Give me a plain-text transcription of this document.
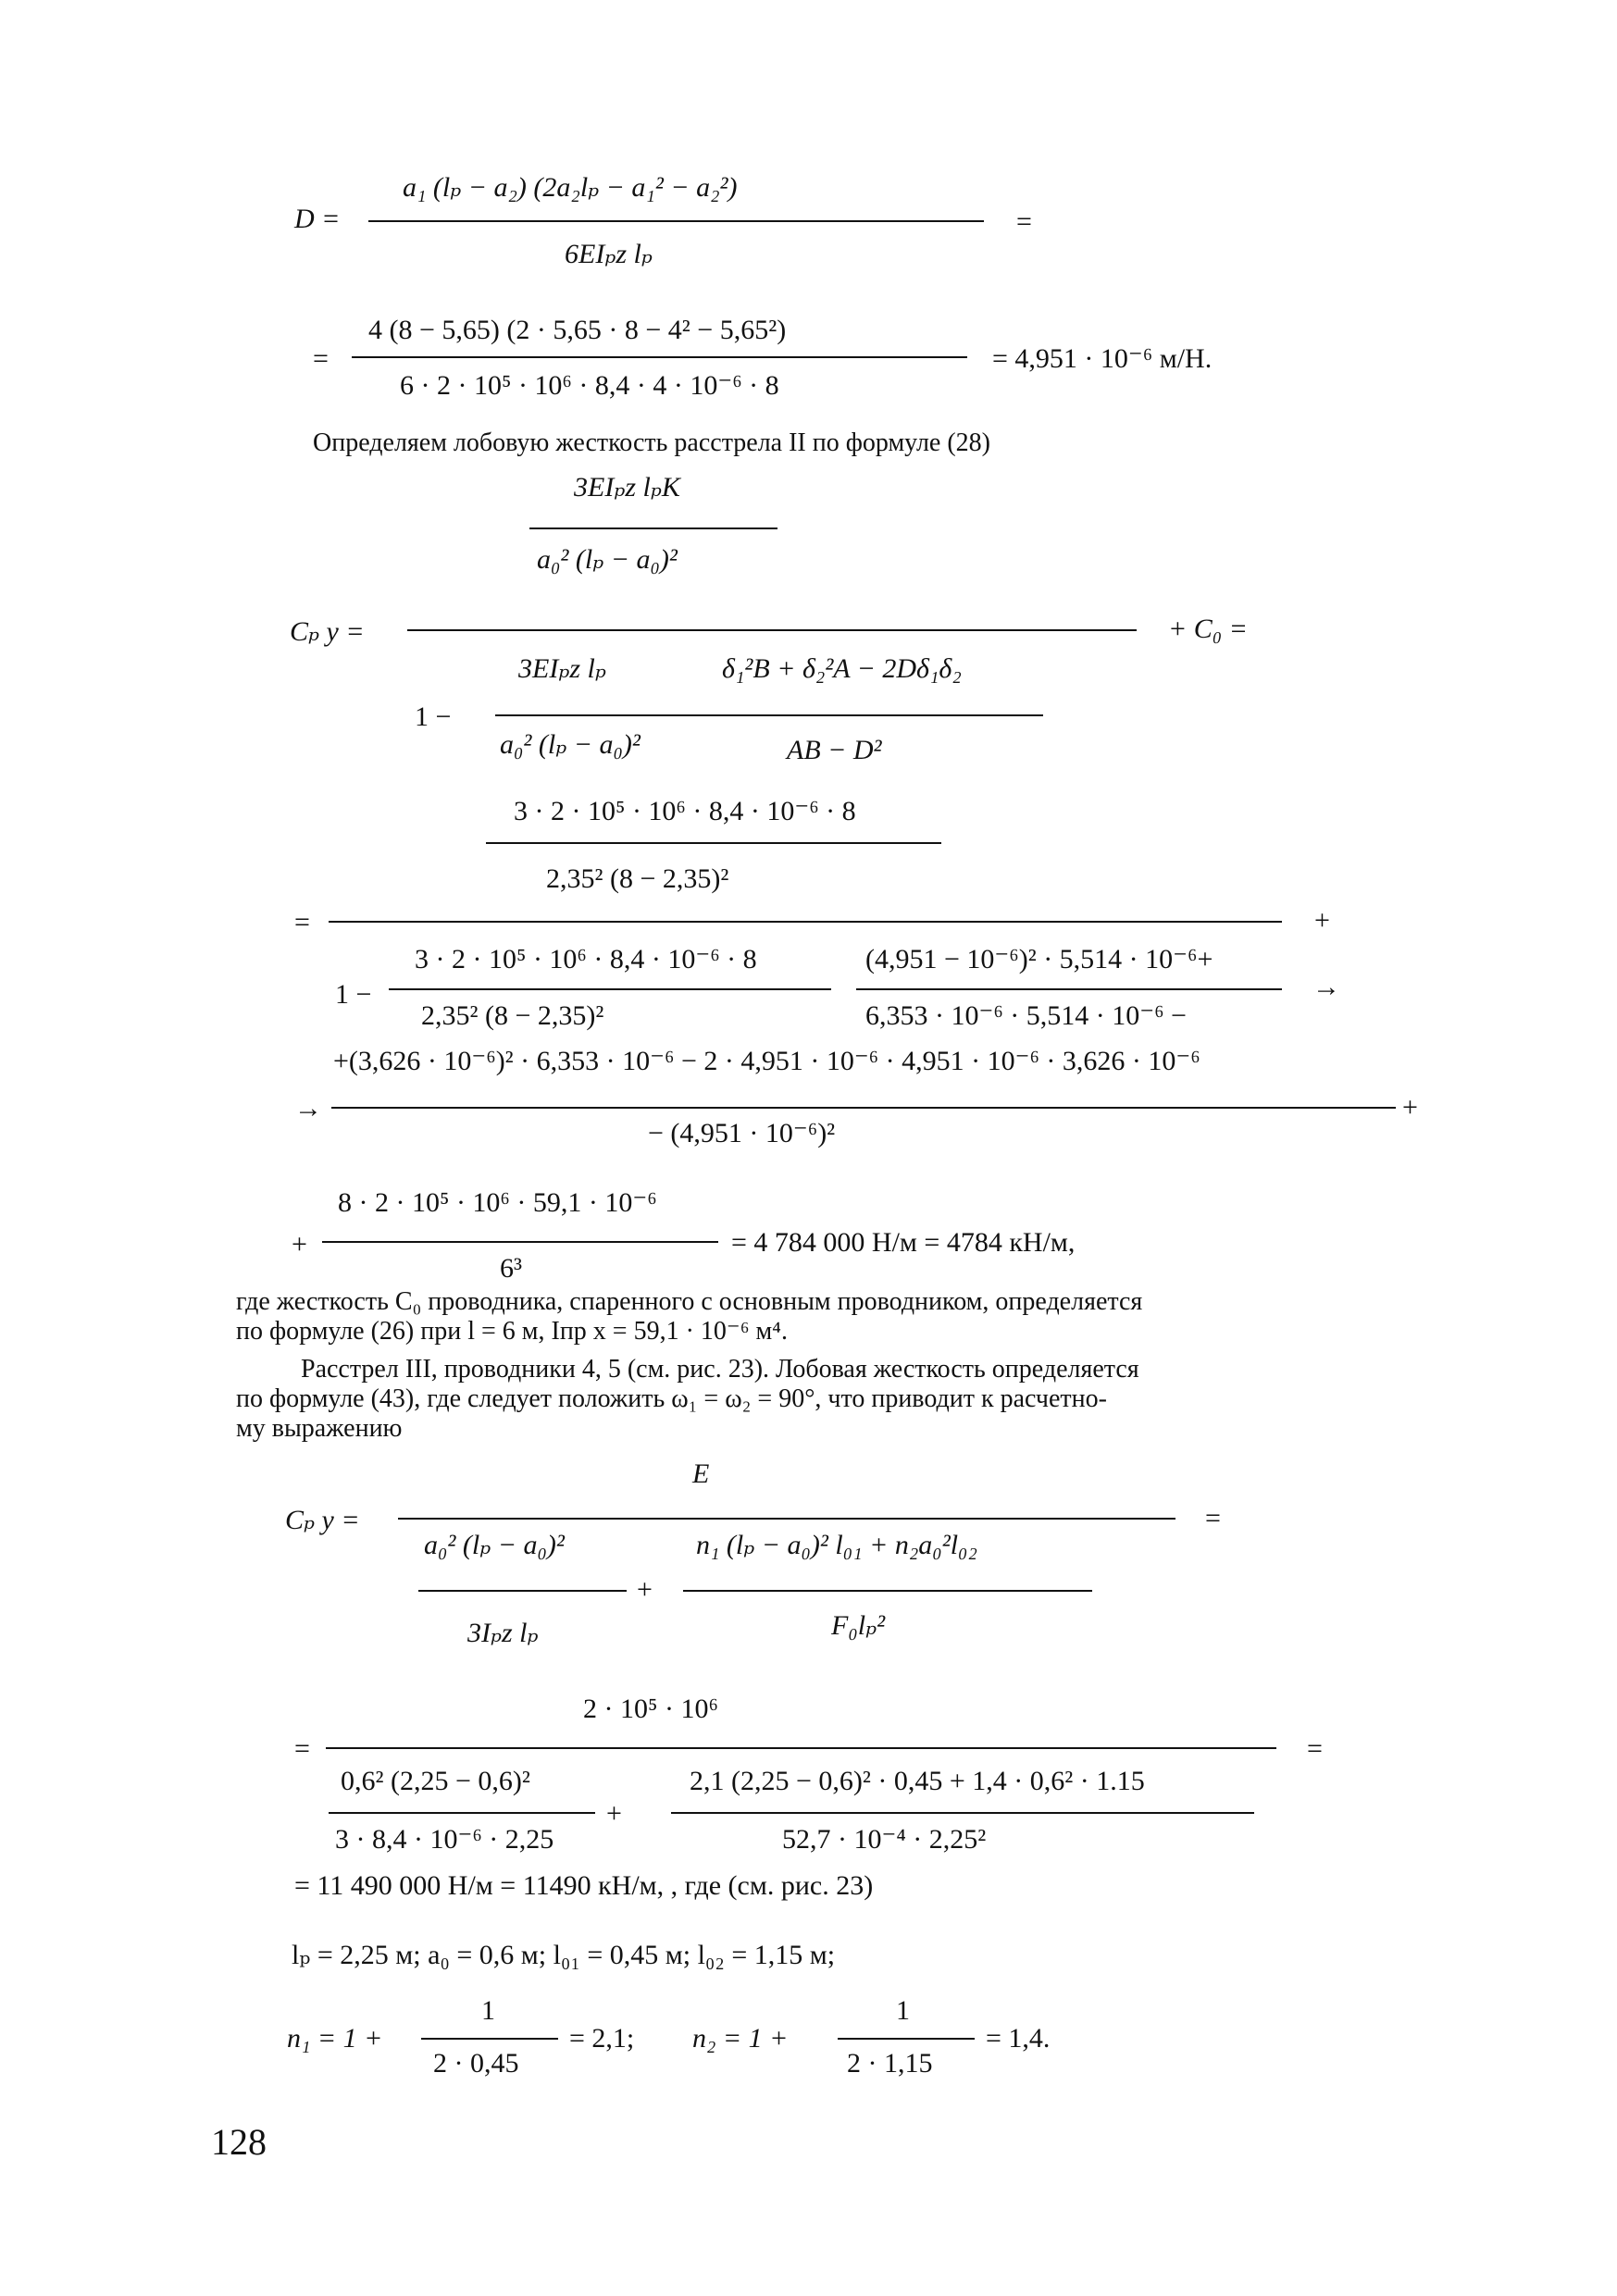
D =
a₁ (lₚ − a₂) (2a₂lₚ − a₁² − a₂²)
6EIₚz lₚ
=
=
4 (8 − 5,65) (2 · 5,65 · 8 − 4² − 5,65²)
6 · 2 · 10⁵ · 10⁶ · 8,4 · 4 · 10⁻⁶ · 8
= 4,951 · 10⁻⁶ м/Н.
Определяем лобовую жесткость расстрела II по формуле (28)
3EIₚz lₚK
a₀² (lₚ − a₀)²
Cₚ y =	+ C₀ =
1 −
3EIₚz lₚ
a₀² (lₚ − a₀)²
δ₁²B + δ₂²A − 2Dδ₁δ₂
AB − D²
3 · 2 · 10⁵ · 10⁶ · 8,4 · 10⁻⁶ · 8
2,35² (8 − 2,35)²
=	+
1 −
3 · 2 · 10⁵ · 10⁶ · 8,4 · 10⁻⁶ · 8
2,35² (8 − 2,35)²
(4,951 − 10⁻⁶)² · 5,514 · 10⁻⁶+
6,353 · 10⁻⁶ · 5,514 · 10⁻⁶ −
→
+(3,626 · 10⁻⁶)² · 6,353 · 10⁻⁶ − 2 · 4,951 · 10⁻⁶ · 4,951 · 10⁻⁶ · 3,626 · 10⁻⁶
→	+
− (4,951 · 10⁻⁶)²
8 · 2 · 10⁵ · 10⁶ · 59,1 · 10⁻⁶
+
6³
= 4 784 000 Н/м = 4784 кН/м,
где жесткость C₀ проводника, спаренного с основным проводником, определяется
по формуле (26) при l = 6 м, Iпр x = 59,1 · 10⁻⁶ м⁴.
Расстрел III, проводники 4, 5 (см. рис. 23). Лобовая жесткость определяется
по формуле (43), где следует положить ω₁ = ω₂ = 90°, что приводит к расчетно-
му выражению
E
Cₚ y =	=
a₀² (lₚ − a₀)²
3Iₚz lₚ
+
n₁ (lₚ − a₀)² l₀₁ + n₂a₀²l₀₂
F₀lₚ²
2 · 10⁵ · 10⁶
=	=
0,6² (2,25 − 0,6)²
3 · 8,4 · 10⁻⁶ · 2,25
+
2,1 (2,25 − 0,6)² · 0,45 + 1,4 · 0,6² · 1.15
52,7 · 10⁻⁴ · 2,25²
= 11 490 000 Н/м = 11490 кН/м, , где (см. рис. 23)
lₚ = 2,25 м; a₀ = 0,6 м; l₀₁ = 0,45 м; l₀₂ = 1,15 м;
n₁ = 1 +
1
2 · 0,45
= 2,1; n₂ = 1 +
1
2 · 1,15
= 1,4.
128
